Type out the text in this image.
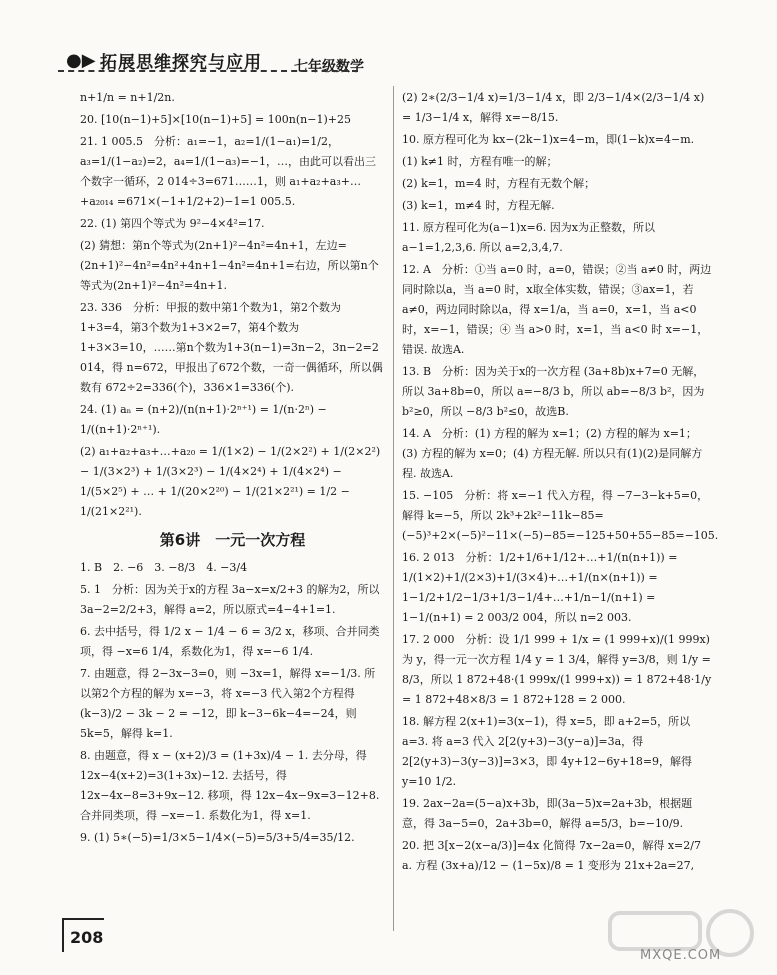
●▶ 拓展思维探究与应用 七年级数学

n+1/n = n+1/2n.

20. [10(n−1)+5]×[10(n−1)+5] = 100n(n−1)+25

21. 1 005.5　分析：a₁=−1，a₂=1/(1−a₁)=1/2，a₃=1/(1−a₂)=2，a₄=1/(1−a₃)=−1，…，由此可以看出三个数字一循环，2 014÷3=671……1，则 a₁+a₂+a₃+…+a₂₀₁₄ =671×(−1+1/2+2)−1=1 005.5.

22. (1) 第四个等式为 9²−4×4²=17.

(2) 猜想：第n个等式为(2n+1)²−4n²=4n+1，左边=(2n+1)²−4n²=4n²+4n+1−4n²=4n+1=右边，所以第n个等式为(2n+1)²−4n²=4n+1.

23. 336　分析：甲报的数中第1个数为1，第2个数为1+3=4，第3个数为1+3×2=7，第4个数为1+3×3=10，……第n个数为1+3(n−1)=3n−2，3n−2=2 014，得 n=672，甲报出了672个数，一奇一偶循环，所以偶数有 672÷2=336(个)，336×1=336(个).

24. (1) aₙ = (n+2)/(n(n+1)·2ⁿ⁺¹) = 1/(n·2ⁿ) − 1/((n+1)·2ⁿ⁺¹).

(2) a₁+a₂+a₃+…+a₂₀ = 1/(1×2) − 1/(2×2²) + 1/(2×2²) − 1/(3×2³) + 1/(3×2³) − 1/(4×2⁴) + 1/(4×2⁴) − 1/(5×2⁵) + … + 1/(20×2²⁰) − 1/(21×2²¹) = 1/2 − 1/(21×2²¹).

第6讲　一元一次方程

1. B　2. −6　3. −8/3　4. −3/4

5. 1　分析：因为关于x的方程 3a−x=x/2+3 的解为2，所以 3a−2=2/2+3，解得 a=2，所以原式=4−4+1=1.

6. 去中括号，得 1/2 x − 1/4 − 6 = 3/2 x，移项、合并同类项，得 −x=6 1/4，系数化为1，得 x=−6 1/4.

7. 由题意，得 2−3x−3=0，则 −3x=1，解得 x=−1/3. 所以第2个方程的解为 x=−3，将 x=−3 代入第2个方程得 (k−3)/2 − 3k − 2 = −12，即 k−3−6k−4=−24，则 5k=5，解得 k=1.

8. 由题意，得 x − (x+2)/3 = (1+3x)/4 − 1. 去分母，得 12x−4(x+2)=3(1+3x)−12. 去括号，得 12x−4x−8=3+9x−12. 移项，得 12x−4x−9x=3−12+8. 合并同类项，得 −x=−1. 系数化为1，得 x=1.

9. (1) 5∗(−5)=1/3×5−1/4×(−5)=5/3+5/4=35/12.

(2) 2∗(2/3−1/4 x)=1/3−1/4 x，即 2/3−1/4×(2/3−1/4 x) = 1/3−1/4 x，解得 x=−8/15.

10. 原方程可化为 kx−(2k−1)x=4−m，即(1−k)x=4−m.

(1) k≠1 时，方程有唯一的解；

(2) k=1，m=4 时，方程有无数个解；

(3) k=1，m≠4 时，方程无解.

11. 原方程可化为(a−1)x=6. 因为x为正整数，所以 a−1=1,2,3,6. 所以 a=2,3,4,7.

12. A　分析：①当 a=0 时，a=0，错误；②当 a≠0 时，两边同时除以a，当 a=0 时，x取全体实数，错误；③ax=1，若 a≠0，两边同时除以a，得 x=1/a，当 a=0，x=1，当 a<0 时，x=−1，错误；④ 当 a>0 时，x=1，当 a<0 时 x=−1，错误. 故选A.

13. B　分析：因为关于x的一次方程 (3a+8b)x+7=0 无解，所以 3a+8b=0，所以 a=−8/3 b，所以 ab=−8/3 b²，因为 b²≥0，所以 −8/3 b²≤0，故选B.

14. A　分析：(1) 方程的解为 x=1；(2) 方程的解为 x=1；(3) 方程的解为 x=0；(4) 方程无解. 所以只有(1)(2)是同解方程. 故选A.

15. −105　分析：将 x=−1 代入方程，得 −7−3−k+5=0，解得 k=−5，所以 2k³+2k²−11k−85=(−5)³+2×(−5)²−11×(−5)−85=−125+50+55−85=−105.

16. 2 013　分析：1/2+1/6+1/12+…+1/(n(n+1)) = 1/(1×2)+1/(2×3)+1/(3×4)+…+1/(n×(n+1)) = 1−1/2+1/2−1/3+1/3−1/4+…+1/n−1/(n+1) = 1−1/(n+1) = 2 003/2 004，所以 n=2 003.

17. 2 000　分析：设 1/1 999 + 1/x = (1 999+x)/(1 999x) 为 y，得一元一次方程 1/4 y = 1 3/4，解得 y=3/8，则 1/y = 8/3，所以 1 872+48·(1 999x/(1 999+x)) = 1 872+48·1/y = 1 872+48×8/3 = 1 872+128 = 2 000.

18. 解方程 2(x+1)=3(x−1)，得 x=5，即 a+2=5，所以 a=3. 将 a=3 代入 2[2(y+3)−3(y−a)]=3a，得 2[2(y+3)−3(y−3)]=3×3，即 4y+12−6y+18=9，解得 y=10 1/2.

19. 2ax−2a=(5−a)x+3b，即(3a−5)x=2a+3b，根据题意，得 3a−5=0，2a+3b=0，解得 a=5/3，b=−10/9.

20. 把 3[x−2(x−a/3)]=4x 化简得 7x−2a=0，解得 x=2/7 a. 方程 (3x+a)/12 − (1−5x)/8 = 1 变形为 21x+2a=27,

208
MXQE.COM
